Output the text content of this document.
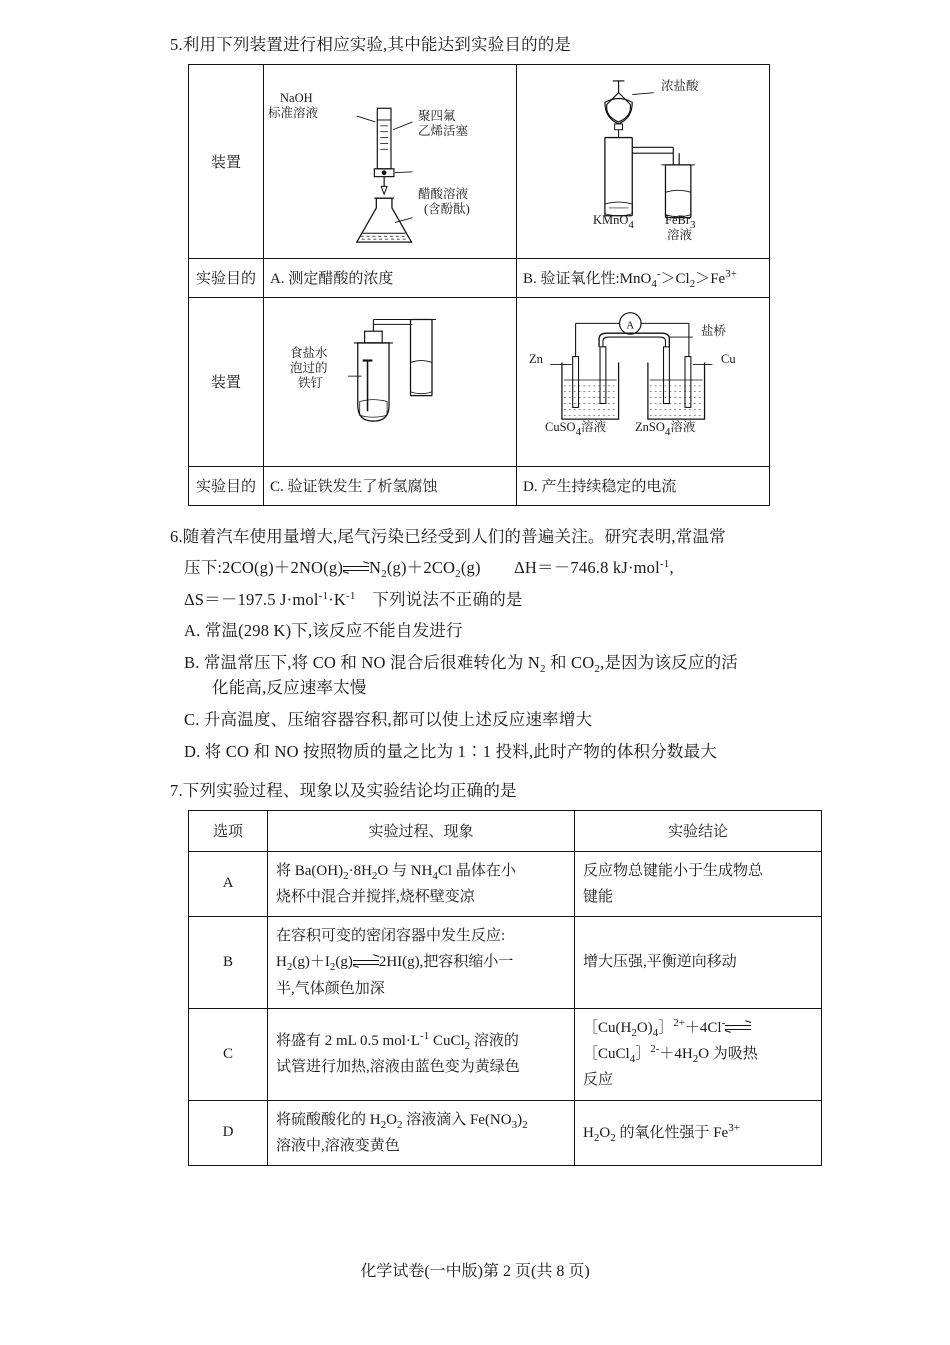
5.利用下列装置进行相应实验,其中能达到实验目的的是

装置	
NaOH
标准溶液	聚四氟
乙烯活塞
醋酸溶液
(含酚酞)

浓盐酸
KMnO4 FeBr3
溶液

实验目的	A. 测定醋酸的浓度	B. 验证氧化性:MnO4-＞Cl2＞Fe3+
装置	
食盐水
泡过的
铁钉

A	盐桥
Zn	Cu
CuSO4溶液 ZnSO4溶液

实验目的	C. 验证铁发生了析氢腐蚀	D. 产生持续稳定的电流

6.随着汽车使用量增大,尾气污染已经受到人们的普遍关注。研究表明,常温常

压下:2CO(g)＋2NO(g) N2(g)＋2CO2(g)　　ΔH＝－746.8 kJ·mol-1,

ΔS＝－197.5 J·mol-1·K-1　下列说法不正确的是

A. 常温(298 K)下,该反应不能自发进行

B. 常温常压下,将 CO 和 NO 混合后很难转化为 N2 和 CO2,是因为该反应的活

化能高,反应速率太慢

C. 升高温度、压缩容器容积,都可以使上述反应速率增大

D. 将 CO 和 NO 按照物质的量之比为 1∶1 投料,此时产物的体积分数最大

7.下列实验过程、现象以及实验结论均正确的是

选项	实验过程、现象	实验结论
A	将 Ba(OH)2·8H2O 与 NH4Cl 晶体在小
烧杯中混合并搅拌,烧杯壁变凉	反应物总键能小于生成物总
键能
B	在容积可变的密闭容器中发生反应:
H2(g)＋I2(g) 2HI(g),把容积缩小一
半,气体颜色加深	增大压强,平衡逆向移动
C	将盛有 2 mL 0.5 mol·L-1 CuCl2 溶液的
试管进行加热,溶液由蓝色变为黄绿色	［Cu(H2O)4］2+＋4Cl-

［CuCl4］2-＋4H2O 为吸热
反应
D	将硫酸酸化的 H2O2 溶液滴入 Fe(NO3)2
溶液中,溶液变黄色	H2O2 的氧化性强于 Fe3+
化学试卷(一中版)第 2 页(共 8 页)
